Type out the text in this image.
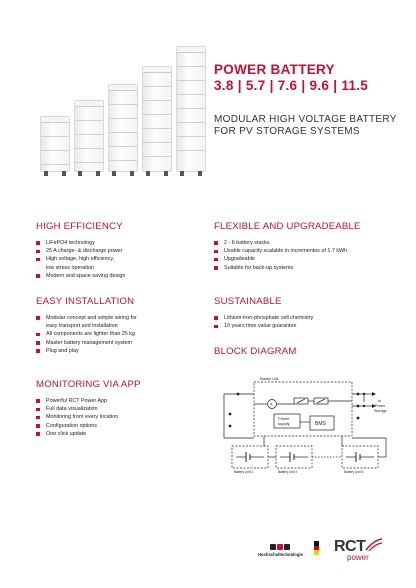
POWER BATTERY
3.8 | 5.7 | 7.6 | 9.6 | 11.5
MODULAR HIGH VOLTAGE BATTERY
FOR PV STORAGE SYSTEMS
HIGH EFFICIENCY
LiFePO4 technology
25 A charge- & discharge power
High voltage, high efficiency,
low stress operation
Modern and space-saving design
FLEXIBLE AND UPGRADEABLE
2 - 6 battery stacks
Usable capacity scalable in incrementes of 1.7 kWh
Upgradeable
Suitable for back-up systems
EASY INSTALLATION
Modular concept and simple wiring for
easy transport and installation
All components are lighter than 25 kg
Master battery management system
Plug and play
SUSTAINABLE
Lithium-iron-phosphate cell chemistry
10 years time value guarantee
BLOCK DIAGRAM
MONITORING VIA APP
Powerful RCT Power App
Full data visualization
Monitoring from every location
Configuration options
One click update
Master Unit
A
Power
supply	BMS
to
Power
Storage
Battery Unit 1	Battery Unit 2	Battery Unit 5
Hochschultechnologie RCT
power
